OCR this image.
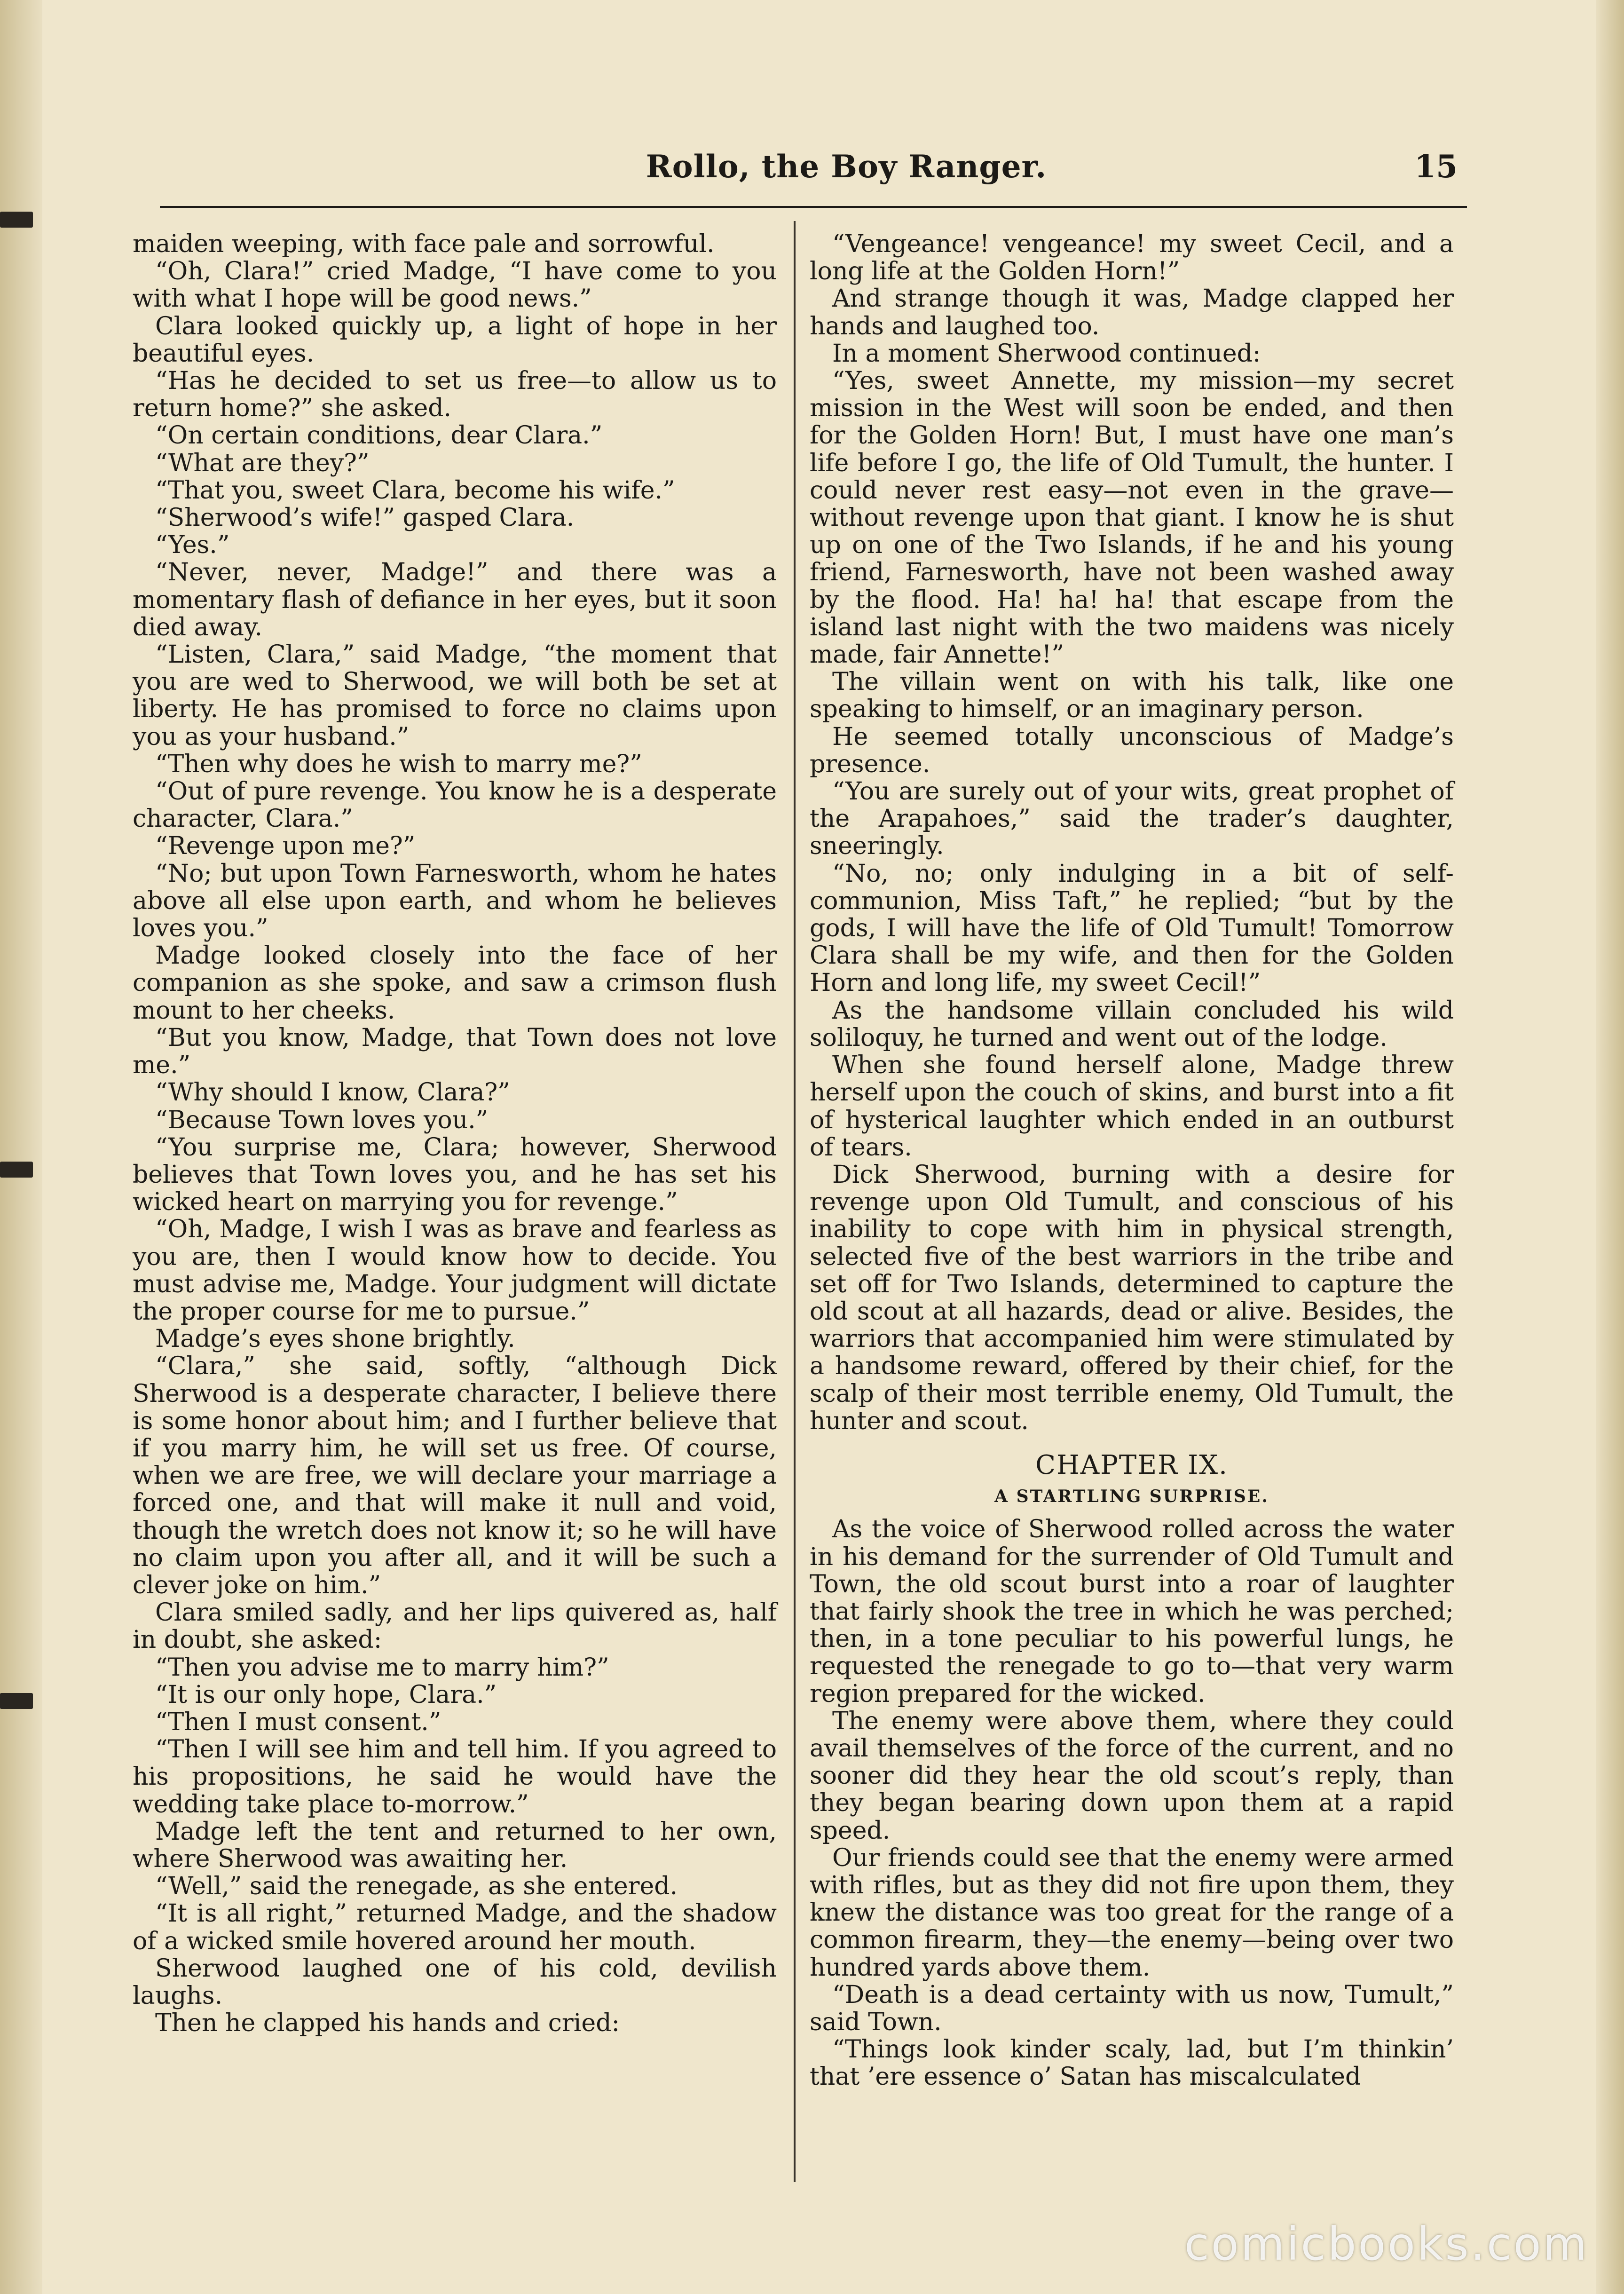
Rollo, the Boy Ranger.	15

maiden weeping, with face pale and sorrowful.

“Oh, Clara!” cried Madge, “I have come to you with what I hope will be good news.”

Clara looked quickly up, a light of hope in her beautiful eyes.

“Has he decided to set us free—to allow us to return home?” she asked.

“On certain conditions, dear Clara.”

“What are they?”

“That you, sweet Clara, become his wife.”

“Sherwood’s wife!” gasped Clara.

“Yes.”

“Never, never, Madge!” and there was a momentary flash of defiance in her eyes, but it soon died away.

“Listen, Clara,” said Madge, “the moment that you are wed to Sherwood, we will both be set at liberty. He has promised to force no claims upon you as your husband.”

“Then why does he wish to marry me?”

“Out of pure revenge. You know he is a desperate character, Clara.”

“Revenge upon me?”

“No; but upon Town Farnesworth, whom he hates above all else upon earth, and whom he believes loves you.”

Madge looked closely into the face of her companion as she spoke, and saw a crimson flush mount to her cheeks.

“But you know, Madge, that Town does not love me.”

“Why should I know, Clara?”

“Because Town loves you.”

“You surprise me, Clara; however, Sherwood believes that Town loves you, and he has set his wicked heart on marrying you for revenge.”

“Oh, Madge, I wish I was as brave and fearless as you are, then I would know how to decide. You must advise me, Madge. Your judgment will dictate the proper course for me to pursue.”

Madge’s eyes shone brightly.

“Clara,” she said, softly, “although Dick Sherwood is a desperate character, I believe there is some honor about him; and I further believe that if you marry him, he will set us free. Of course, when we are free, we will declare your marriage a forced one, and that will make it null and void, though the wretch does not know it; so he will have no claim upon you after all, and it will be such a clever joke on him.”

Clara smiled sadly, and her lips quivered as, half in doubt, she asked:

“Then you advise me to marry him?”

“It is our only hope, Clara.”

“Then I must consent.”

“Then I will see him and tell him. If you agreed to his propositions, he said he would have the wedding take place to-morrow.”

Madge left the tent and returned to her own, where Sherwood was awaiting her.

“Well,” said the renegade, as she entered.

“It is all right,” returned Madge, and the shadow of a wicked smile hovered around her mouth.

Sherwood laughed one of his cold, devilish laughs.

Then he clapped his hands and cried:

“Vengeance! vengeance! my sweet Cecil, and a long life at the Golden Horn!”

And strange though it was, Madge clapped her hands and laughed too.

In a moment Sherwood continued:

“Yes, sweet Annette, my mission—my secret mission in the West will soon be ended, and then for the Golden Horn! But, I must have one man’s life before I go, the life of Old Tumult, the hunter. I could never rest easy—not even in the grave—without revenge upon that giant. I know he is shut up on one of the Two Islands, if he and his young friend, Farnesworth, have not been washed away by the flood. Ha! ha! ha! that escape from the island last night with the two maidens was nicely made, fair Annette!”

The villain went on with his talk, like one speaking to himself, or an imaginary person.

He seemed totally unconscious of Madge’s presence.

“You are surely out of your wits, great prophet of the Arapahoes,” said the trader’s daughter, sneeringly.

“No, no; only indulging in a bit of self-communion, Miss Taft,” he replied; “but by the gods, I will have the life of Old Tumult! Tomorrow Clara shall be my wife, and then for the Golden Horn and long life, my sweet Cecil!”

As the handsome villain concluded his wild soliloquy, he turned and went out of the lodge.

When she found herself alone, Madge threw herself upon the couch of skins, and burst into a fit of hysterical laughter which ended in an outburst of tears.

Dick Sherwood, burning with a desire for revenge upon Old Tumult, and conscious of his inability to cope with him in physical strength, selected five of the best warriors in the tribe and set off for Two Islands, determined to capture the old scout at all hazards, dead or alive. Besides, the warriors that accompanied him were stimulated by a handsome reward, offered by their chief, for the scalp of their most terrible enemy, Old Tumult, the hunter and scout.

CHAPTER IX.
A STARTLING SURPRISE.

As the voice of Sherwood rolled across the water in his demand for the surrender of Old Tumult and Town, the old scout burst into a roar of laughter that fairly shook the tree in which he was perched; then, in a tone peculiar to his powerful lungs, he requested the renegade to go to—that very warm region prepared for the wicked.

The enemy were above them, where they could avail themselves of the force of the current, and no sooner did they hear the old scout’s reply, than they began bearing down upon them at a rapid speed.

Our friends could see that the enemy were armed with rifles, but as they did not fire upon them, they knew the distance was too great for the range of a common firearm, they—the enemy—being over two hundred yards above them.

“Death is a dead certainty with us now, Tumult,” said Town.

“Things look kinder scaly, lad, but I’m thinkin’ that ’ere essence o’ Satan has miscalculated

comicbooks.com
